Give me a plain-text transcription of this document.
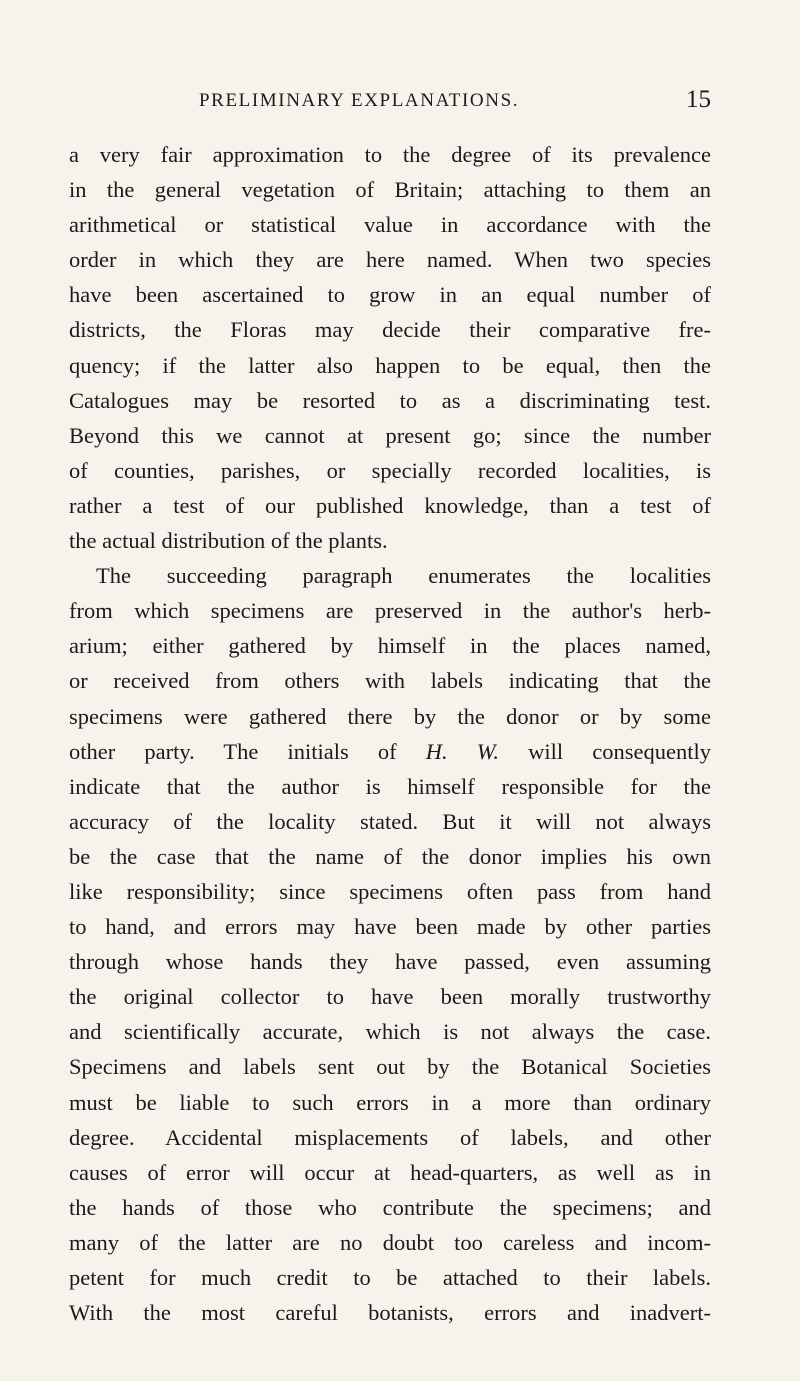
PRELIMINARY EXPLANATIONS.	15
a very fair approximation to the degree of its prevalence
in the general vegetation of Britain; attaching to them an
arithmetical or statistical value in accordance with the
order in which they are here named. When two species
have been ascertained to grow in an equal number of
districts, the Floras may decide their comparative fre-
quency; if the latter also happen to be equal, then the
Catalogues may be resorted to as a discriminating test.
Beyond this we cannot at present go; since the number
of counties, parishes, or specially recorded localities, is
rather a test of our published knowledge, than a test of
the actual distribution of the plants.
The succeeding paragraph enumerates the localities
from which specimens are preserved in the author's herb-
arium; either gathered by himself in the places named,
or received from others with labels indicating that the
specimens were gathered there by the donor or by some
other party. The initials of H. W. will consequently
indicate that the author is himself responsible for the
accuracy of the locality stated. But it will not always
be the case that the name of the donor implies his own
like responsibility; since specimens often pass from hand
to hand, and errors may have been made by other parties
through whose hands they have passed, even assuming
the original collector to have been morally trustworthy
and scientifically accurate, which is not always the case.
Specimens and labels sent out by the Botanical Societies
must be liable to such errors in a more than ordinary
degree. Accidental misplacements of labels, and other
causes of error will occur at head-quarters, as well as in
the hands of those who contribute the specimens; and
many of the latter are no doubt too careless and incom-
petent for much credit to be attached to their labels.
With the most careful botanists, errors and inadvert-
